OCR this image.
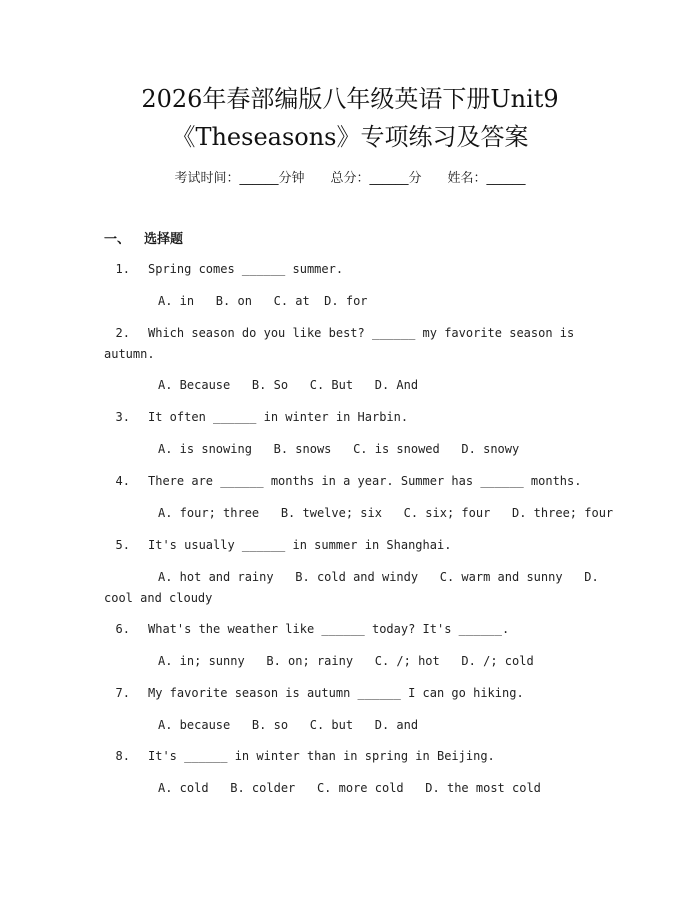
2026年春部编版八年级英语下册Unit9
《Theseasons》专项练习及答案
考试时间：______分钟 总分：______分 姓名：______
一、 选择题
1. Spring comes ______ summer.
A. in   B. on   C. at  D. for
2. Which season do you like best? ______ my favorite season is
autumn.
A. Because   B. So   C. But   D. And
3. It often ______ in winter in Harbin.
A. is snowing   B. snows   C. is snowed   D. snowy
4. There are ______ months in a year. Summer has ______ months.
A. four; three   B. twelve; six   C. six; four   D. three; four
5. It's usually ______ in summer in Shanghai.
A. hot and rainy   B. cold and windy   C. warm and sunny   D.
cool and cloudy
6. What's the weather like ______ today? It's ______.
A. in; sunny   B. on; rainy   C. /; hot   D. /; cold
7. My favorite season is autumn ______ I can go hiking.
A. because   B. so   C. but   D. and
8. It's ______ in winter than in spring in Beijing.
A. cold   B. colder   C. more cold   D. the most cold
